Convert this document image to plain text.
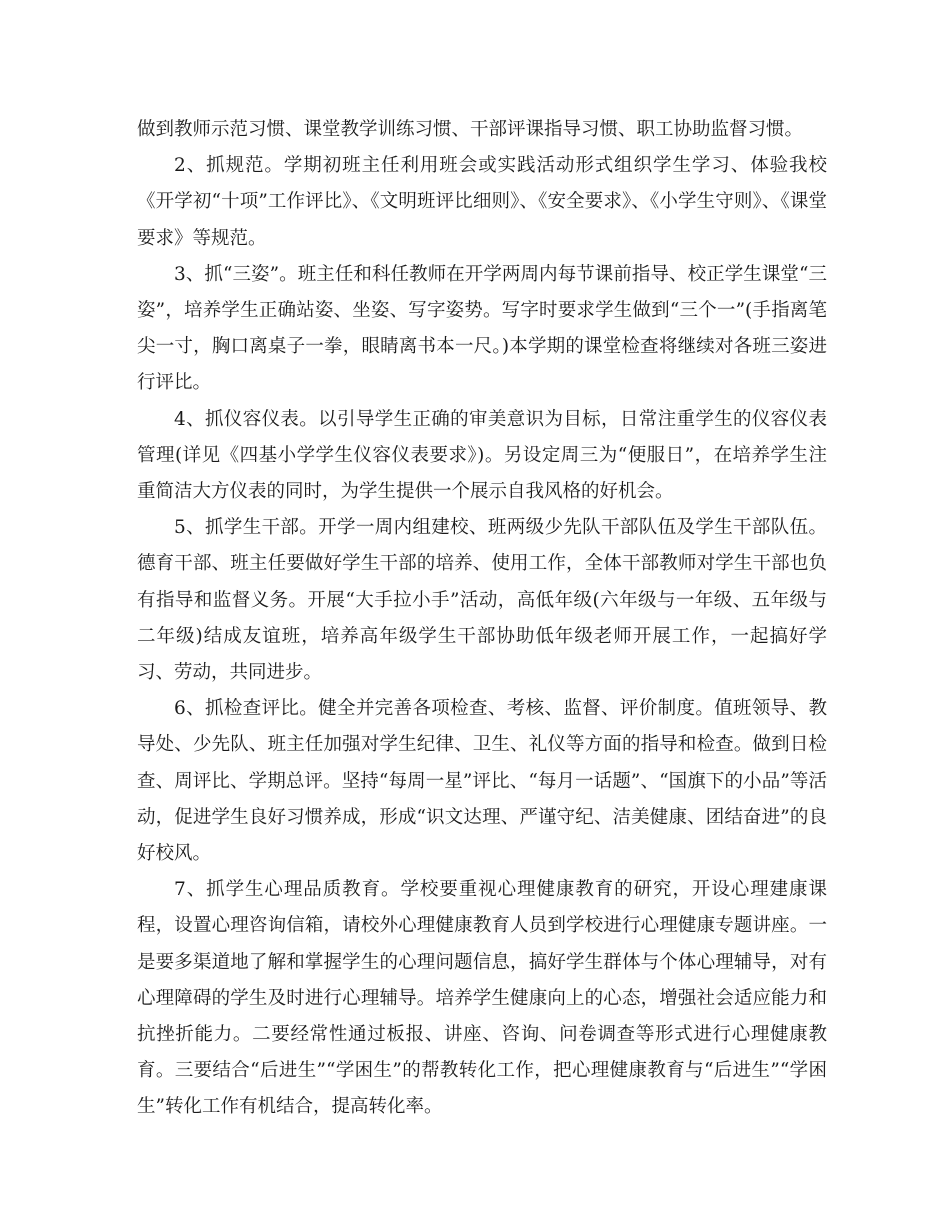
做到教师示范习惯、课堂教学训练习惯、干部评课指导习惯、职工协助监督习惯。

2、抓规范。学期初班主任利用班会或实践活动形式组织学生学习、体验我校《开学初“十项”工作评比》、《文明班评比细则》、《安全要求》、《小学生守则》、《课堂要求》等规范。

3、抓“三姿”。班主任和科任教师在开学两周内每节课前指导、校正学生课堂“三姿”，培养学生正确站姿、坐姿、写字姿势。写字时要求学生做到“三个一”(手指离笔尖一寸，胸口离桌子一拳，眼睛离书本一尺。)本学期的课堂检查将继续对各班三姿进行评比。

4、抓仪容仪表。以引导学生正确的审美意识为目标，日常注重学生的仪容仪表管理(详见《四基小学学生仪容仪表要求》)。另设定周三为“便服日”，在培养学生注重简洁大方仪表的同时，为学生提供一个展示自我风格的好机会。

5、抓学生干部。开学一周内组建校、班两级少先队干部队伍及学生干部队伍。德育干部、班主任要做好学生干部的培养、使用工作，全体干部教师对学生干部也负有指导和监督义务。开展“大手拉小手”活动，高低年级(六年级与一年级、五年级与二年级)结成友谊班，培养高年级学生干部协助低年级老师开展工作，一起搞好学习、劳动，共同进步。

6、抓检查评比。健全并完善各项检查、考核、监督、评价制度。值班领导、教导处、少先队、班主任加强对学生纪律、卫生、礼仪等方面的指导和检查。做到日检查、周评比、学期总评。坚持“每周一星”评比、“每月一话题”、“国旗下的小品”等活动，促进学生良好习惯养成，形成“识文达理、严谨守纪、洁美健康、团结奋进”的良好校风。

7、抓学生心理品质教育。学校要重视心理健康教育的研究，开设心理建康课程，设置心理咨询信箱，请校外心理健康教育人员到学校进行心理健康专题讲座。一是要多渠道地了解和掌握学生的心理问题信息，搞好学生群体与个体心理辅导，对有心理障碍的学生及时进行心理辅导。培养学生健康向上的心态，增强社会适应能力和抗挫折能力。二要经常性通过板报、讲座、咨询、问卷调查等形式进行心理健康教育。三要结合“后进生”“学困生”的帮教转化工作，把心理健康教育与“后进生”“学困生”转化工作有机结合，提高转化率。
